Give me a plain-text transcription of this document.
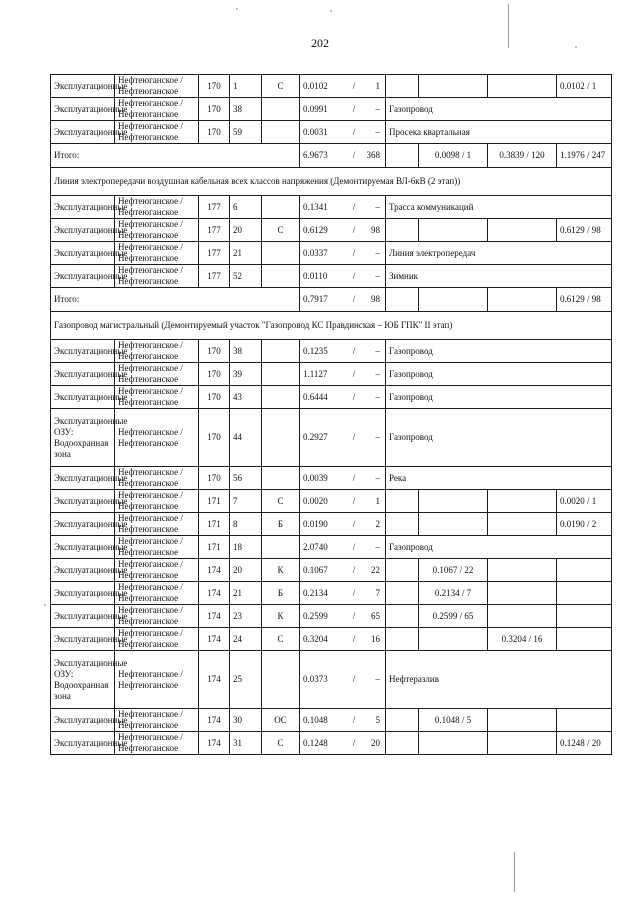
202
Эксплуатационные	Нефтеюганское / Нефтеюганское	170	1	С	0.0102 / 1				0.0102 / 1
Эксплуатационные	Нефтеюганское / Нефтеюганское	170	38		0.0991 / –	Газопровод			
Эксплуатационные	Нефтеюганское / Нефтеюганское	170	59		0.0031 / –	Просека квартальная			
Итого:					6.9673 / 368		0.0098 / 1	0.3839 / 120	1.1976 / 247
Линия электропередачи воздушная кабельная всех классов напряжения (Демонтируемая ВЛ-6кВ (2 этап))									
Эксплуатационные	Нефтеюганское / Нефтеюганское	177	6		0.1341 / –	Трасса коммуникаций			
Эксплуатационные	Нефтеюганское / Нефтеюганское	177	20	С	0.6129 / 98				0.6129 / 98
Эксплуатационные	Нефтеюганское / Нефтеюганское	177	21		0.0337 / –	Линия электропередач			
Эксплуатационные	Нефтеюганское / Нефтеюганское	177	52		0.0110 / –	Зимник			
Итого:					0.7917 / 98				0.6129 / 98
Газопровод магистральный (Демонтируемый участок "Газопровод КС Правдинская – ЮБ ГПК" II этап)									
Эксплуатационные	Нефтеюганское / Нефтеюганское	170	38		0.1235 / –	Газопровод			
Эксплуатационные	Нефтеюганское / Нефтеюганское	170	39		1.1127 / –	Газопровод			
Эксплуатационные	Нефтеюганское / Нефтеюганское	170	43		0.6444 / –	Газопровод			
Эксплуатационные ОЗУ: Водоохранная зона	Нефтеюганское / Нефтеюганское	170	44		0.2927 / –	Газопровод			
Эксплуатационные	Нефтеюганское / Нефтеюганское	170	56		0.0039 / –	Река			
Эксплуатационные	Нефтеюганское / Нефтеюганское	171	7	С	0.0020 / 1				0.0020 / 1
Эксплуатационные	Нефтеюганское / Нефтеюганское	171	8	Б	0.0190 / 2				0.0190 / 2
Эксплуатационные	Нефтеюганское / Нефтеюганское	171	18		2.0740 / –	Газопровод			
Эксплуатационные	Нефтеюганское / Нефтеюганское	174	20	К	0.1067 / 22		0.1067 / 22		
Эксплуатационные	Нефтеюганское / Нефтеюганское	174	21	Б	0.2134 / 7		0.2134 / 7		
Эксплуатационные	Нефтеюганское / Нефтеюганское	174	23	К	0.2599 / 65		0.2599 / 65		
Эксплуатационные	Нефтеюганское / Нефтеюганское	174	24	С	0.3204 / 16			0.3204 / 16	
Эксплуатационные ОЗУ: Водоохранная зона	Нефтеюганское / Нефтеюганское	174	25		0.0373 / –	Нефтеразлив			
Эксплуатационные	Нефтеюганское / Нефтеюганское	174	30	ОС	0.1048 / 5		0.1048 / 5		
Эксплуатационные	Нефтеюганское / Нефтеюганское	174	31	С	0.1248 / 20				0.1248 / 20
